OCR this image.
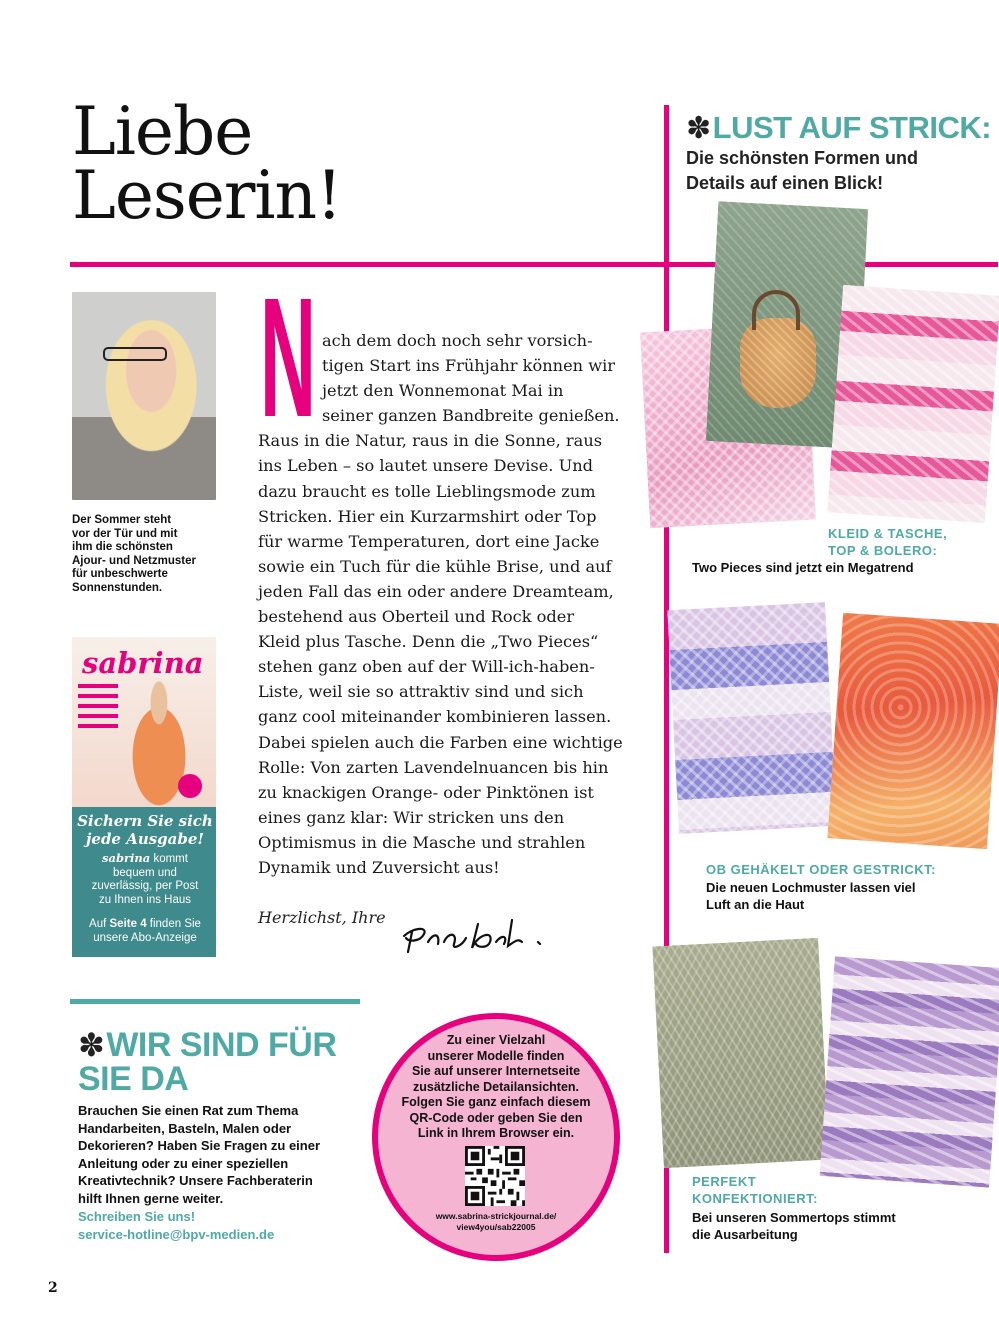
Liebe
Leserin!
Der Sommer steht
vor der Tür und mit
ihm die schönsten
Ajour- und Netzmuster
für unbeschwerte
Sonnenstunden.
N ach dem doch noch sehr vorsich-
tigen Start ins Frühjahr können wir
jetzt den Wonnemonat Mai in
seiner ganzen Bandbreite genießen.
Raus in die Natur, raus in die Sonne, raus
ins Leben – so lautet unsere Devise. Und
dazu braucht es tolle Lieblingsmode zum
Stricken. Hier ein Kurzarmshirt oder Top
für warme Temperaturen, dort eine Jacke
sowie ein Tuch für die kühle Brise, und auf
jeden Fall das ein oder andere Dreamteam,
bestehend aus Oberteil und Rock oder
Kleid plus Tasche. Denn die „Two Pieces“
stehen ganz oben auf der Will-ich-haben-
Liste, weil sie so attraktiv sind und sich
ganz cool miteinander kombinieren lassen.
Dabei spielen auch die Farben eine wichtige
Rolle: Von zarten Lavendelnuancen bis hin
zu knackigen Orange- oder Pinktönen ist
eines ganz klar: Wir stricken uns den
Optimismus in die Masche und strahlen
Dynamik und Zuversicht aus!
Herzlichst, Ihre
sabrina
Sichern Sie sich
jede Ausgabe!
sabrina kommt
bequem und
zuverlässig, per Post
zu Ihnen ins Haus
Auf Seite 4 finden Sie
unsere Abo-Anzeige
✽LUST AUF STRICK:
Die schönsten Formen und
Details auf einen Blick!
KLEID & TASCHE,
TOP & BOLERO:
Two Pieces sind jetzt ein Megatrend
OB GEHÄKELT ODER GESTRICKT:
Die neuen Lochmuster lassen viel
Luft an die Haut
PERFEKT
KONFEKTIONIERT:
Bei unseren Sommertops stimmt
die Ausarbeitung
✽WIR SIND FÜR
SIE DA
Brauchen Sie einen Rat zum Thema
Handarbeiten, Basteln, Malen oder
Dekorieren? Haben Sie Fragen zu einer
Anleitung oder zu einer speziellen
Kreativtechnik? Unsere Fachberaterin
hilft Ihnen gerne weiter.
Schreiben Sie uns!
service-hotline@bpv-medien.de
Zu einer Vielzahl
unserer Modelle finden
Sie auf unserer Internetseite
zusätzliche Detailansichten.
Folgen Sie ganz einfach diesem
QR-Code oder geben Sie den
Link in Ihrem Browser ein.
www.sabrina-strickjournal.de/
view4you/sab22005
2
